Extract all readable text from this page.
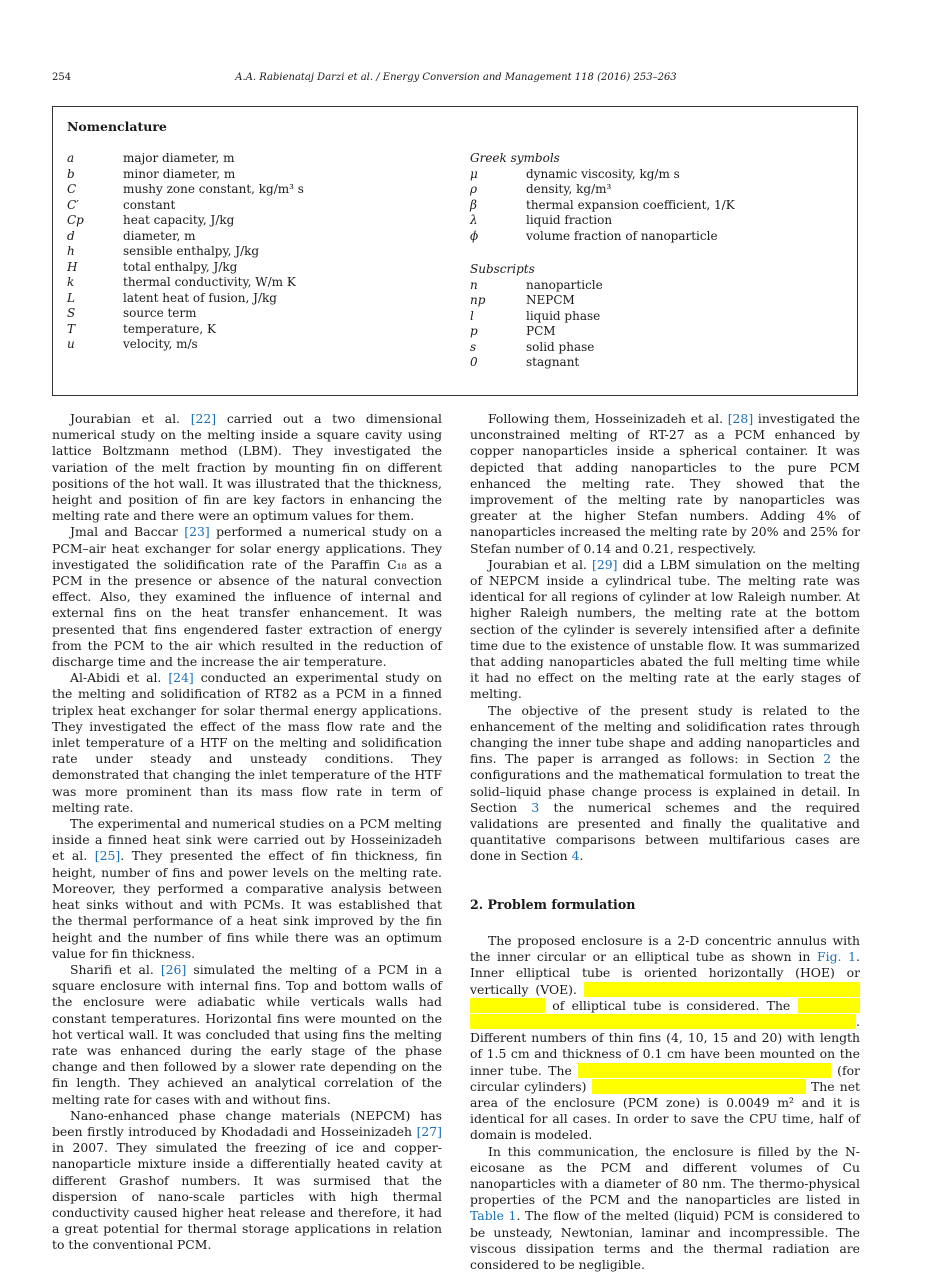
254	A.A. Rabienataj Darzi et al. / Energy Conversion and Management 118 (2016) 253–263
Nomenclature
a	major diameter, m
b	minor diameter, m
C	mushy zone constant, kg/m³ s
C′	constant
Cp	heat capacity, J/kg
d	diameter, m
h	sensible enthalpy, J/kg
H	total enthalpy, J/kg
k	thermal conductivity, W/m K
L	latent heat of fusion, J/kg
S	source term
T	temperature, K
u	velocity, m/s
Greek symbols
μ	dynamic viscosity, kg/m s
ρ	density, kg/m³
β	thermal expansion coefficient, 1/K
λ	liquid fraction
ϕ	volume fraction of nanoparticle
Subscripts
n	nanoparticle
np	NEPCM
l	liquid phase
p	PCM
s	solid phase
0	stagnant

Jourabian et al. [22] carried out a two dimensional numerical study on the melting inside a square cavity using lattice Boltzmann method (LBM). They investigated the variation of the melt fraction by mounting fin on different positions of the hot wall. It was illustrated that the thickness, height and position of fin are key factors in enhancing the melting rate and there were an optimum values for them.

Jmal and Baccar [23] performed a numerical study on a PCM–air heat exchanger for solar energy applications. They investigated the solidification rate of the Paraffin C₁₈ as a PCM in the presence or absence of the natural convection effect. Also, they examined the influence of internal and external fins on the heat transfer enhancement. It was presented that fins engendered faster extraction of energy from the PCM to the air which resulted in the reduction of discharge time and the increase the air temperature.

Al-Abidi et al. [24] conducted an experimental study on the melting and solidification of RT82 as a PCM in a finned triplex heat exchanger for solar thermal energy applications. They investigated the effect of the mass flow rate and the inlet temperature of a HTF on the melting and solidification rate under steady and unsteady conditions. They demonstrated that changing the inlet temperature of the HTF was more prominent than its mass flow rate in term of melting rate.

The experimental and numerical studies on a PCM melting inside a finned heat sink were carried out by Hosseinizadeh et al. [25]. They presented the effect of fin thickness, fin height, number of fins and power levels on the melting rate. Moreover, they performed a comparative analysis between heat sinks without and with PCMs. It was established that the thermal performance of a heat sink improved by the fin height and the number of fins while there was an optimum value for fin thickness.

Sharifi et al. [26] simulated the melting of a PCM in a square enclosure with internal fins. Top and bottom walls of the enclosure were adiabatic while verticals walls had constant temperatures. Horizontal fins were mounted on the hot vertical wall. It was concluded that using fins the melting rate was enhanced during the early stage of the phase change and then followed by a slower rate depending on the fin length. They achieved an analytical correlation of the melting rate for cases with and without fins.

Nano-enhanced phase change materials (NEPCM) has been firstly introduced by Khodadadi and Hosseinizadeh [27] in 2007. They simulated the freezing of ice and copper-nanoparticle mixture inside a differentially heated cavity at different Grashof numbers. It was surmised that the dispersion of nano-scale particles with high thermal conductivity caused higher heat release and therefore, it had a great potential for thermal storage applications in relation to the conventional PCM.

Following them, Hosseinizadeh et al. [28] investigated the unconstrained melting of RT-27 as a PCM enhanced by copper nanoparticles inside a spherical container. It was depicted that adding nanoparticles to the pure PCM enhanced the melting rate. They showed that the improvement of the melting rate by nanoparticles was greater at the higher Stefan numbers. Adding 4% of nanoparticles increased the melting rate by 20% and 25% for Stefan number of 0.14 and 0.21, respectively.

Jourabian et al. [29] did a LBM simulation on the melting of NEPCM inside a cylindrical tube. The melting rate was identical for all regions of cylinder at low Raleigh number. At higher Raleigh numbers, the melting rate at the bottom section of the cylinder is severely intensified after a definite time due to the existence of unstable flow. It was summarized that adding nanoparticles abated the full melting time while it had no effect on the melting rate at the early stages of melting.

The objective of the present study is related to the enhancement of the melting and solidification rates through changing the inner tube shape and adding nanoparticles and fins. The paper is arranged as follows: in Section 2 the configurations and the mathematical formulation to treat the solid–liquid phase change process is explained in detail. In Section 3 the numerical schemes and the required validations are presented and finally the qualitative and quantitative comparisons between multifarious cases are done in Section 4.

2. Problem formulation

The proposed enclosure is a 2-D concentric annulus with the inner circular or an elliptical tube as shown in Fig. 1. Inner elliptical tube is oriented horizontally (HOE) or vertically (VOE). The aspect ratio (a/b) of 2.5 for different inner tubes of elliptical tube is considered. The perimeter and diameter of the outer cylinder are identical in all. Different numbers of thin fins (4, 10, 15 and 20) with length of 1.5 cm and thickness of 0.1 cm have been mounted on the inner tube. The diameters of the inner and outer tube (for circular cylinders) are 2 cm and 10 cm respectively. The net area of the enclosure (PCM zone) is 0.0049 m² and it is identical for all cases. In order to save the CPU time, half of domain is modeled.

In this communication, the enclosure is filled by the N-eicosane as the PCM and different volumes of Cu nanoparticles with a diameter of 80 nm. The thermo-physical properties of the PCM and the nanoparticles are listed in Table 1. The flow of the melted (liquid) PCM is considered to be unsteady, Newtonian, laminar and incompressible. The viscous dissipation terms and the thermal radiation are considered to be negligible.
